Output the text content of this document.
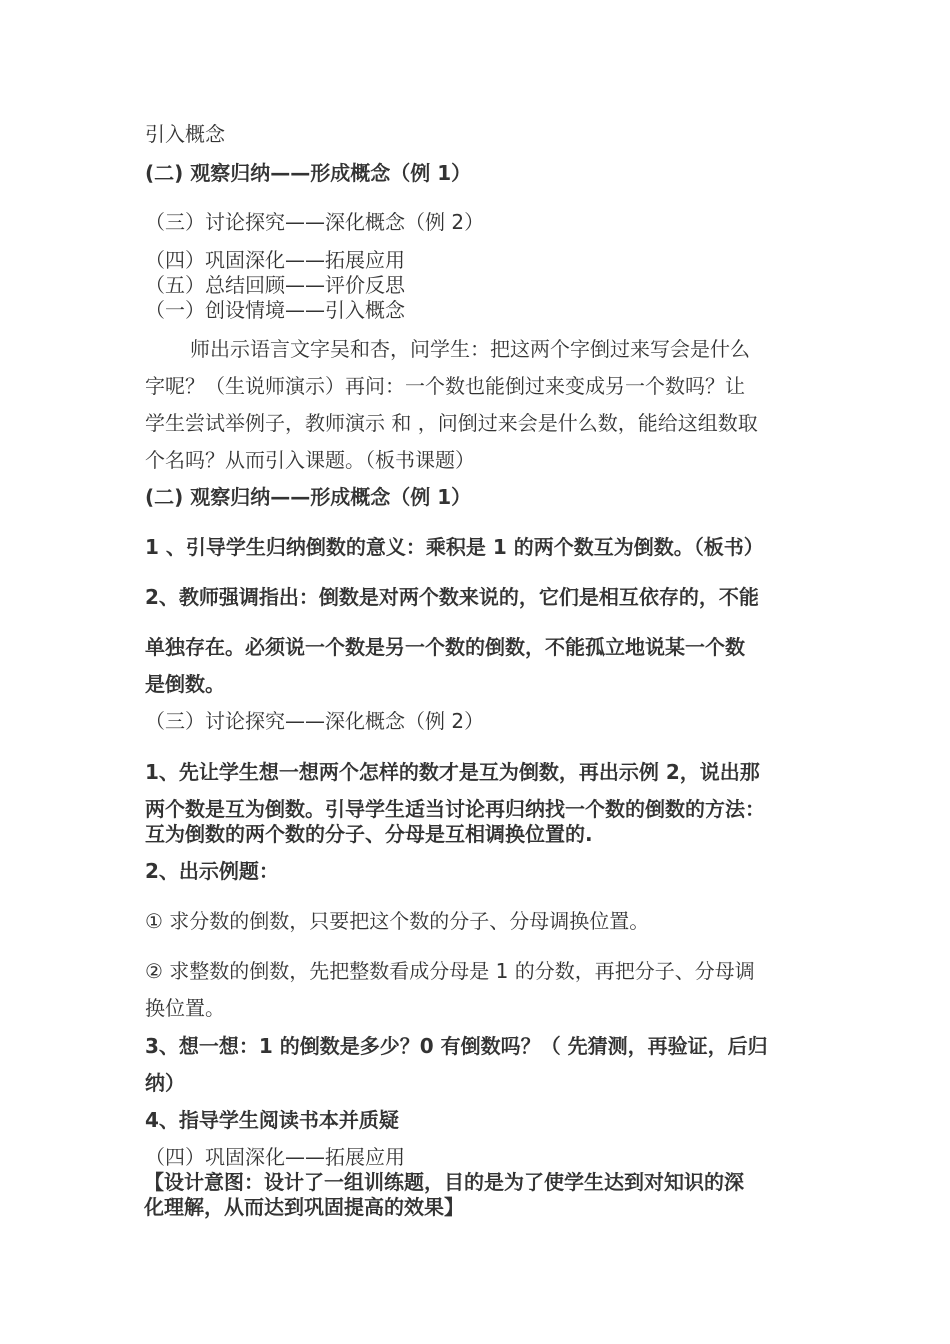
引入概念

(二) 观察归纳——形成概念（例 1）

（三）讨论探究——深化概念（例 2）

（四）巩固深化——拓展应用

（五）总结回顾——评价反思

（一）创设情境——引入概念

师出示语言文字吴和杏，问学生：把这两个字倒过来写会是什么

字呢？（生说师演示）再问：一个数也能倒过来变成另一个数吗？让

学生尝试举例子，教师演示 和 ，问倒过来会是什么数，能给这组数取

个名吗？从而引入课题。（板书课题）

(二) 观察归纳——形成概念（例 1）

1 、引导学生归纳倒数的意义：乘积是 1 的两个数互为倒数。（板书）

2、教师强调指出：倒数是对两个数来说的，它们是相互依存的，不能

单独存在。必须说一个数是另一个数的倒数，不能孤立地说某一个数

是倒数。

（三）讨论探究——深化概念（例 2）

1、先让学生想一想两个怎样的数才是互为倒数，再出示例 2，说出那

两个数是互为倒数。引导学生适当讨论再归纳找一个数的倒数的方法：

互为倒数的两个数的分子、分母是互相调换位置的.

2、出示例题：

① 求分数的倒数，只要把这个数的分子、分母调换位置。

② 求整数的倒数，先把整数看成分母是 1 的分数，再把分子、分母调

换位置。

3、想一想：1 的倒数是多少？0 有倒数吗？（ 先猜测，再验证，后归

纳）

4、指导学生阅读书本并质疑

（四）巩固深化——拓展应用

【设计意图：设计了一组训练题，目的是为了使学生达到对知识的深

化理解，从而达到巩固提高的效果】
